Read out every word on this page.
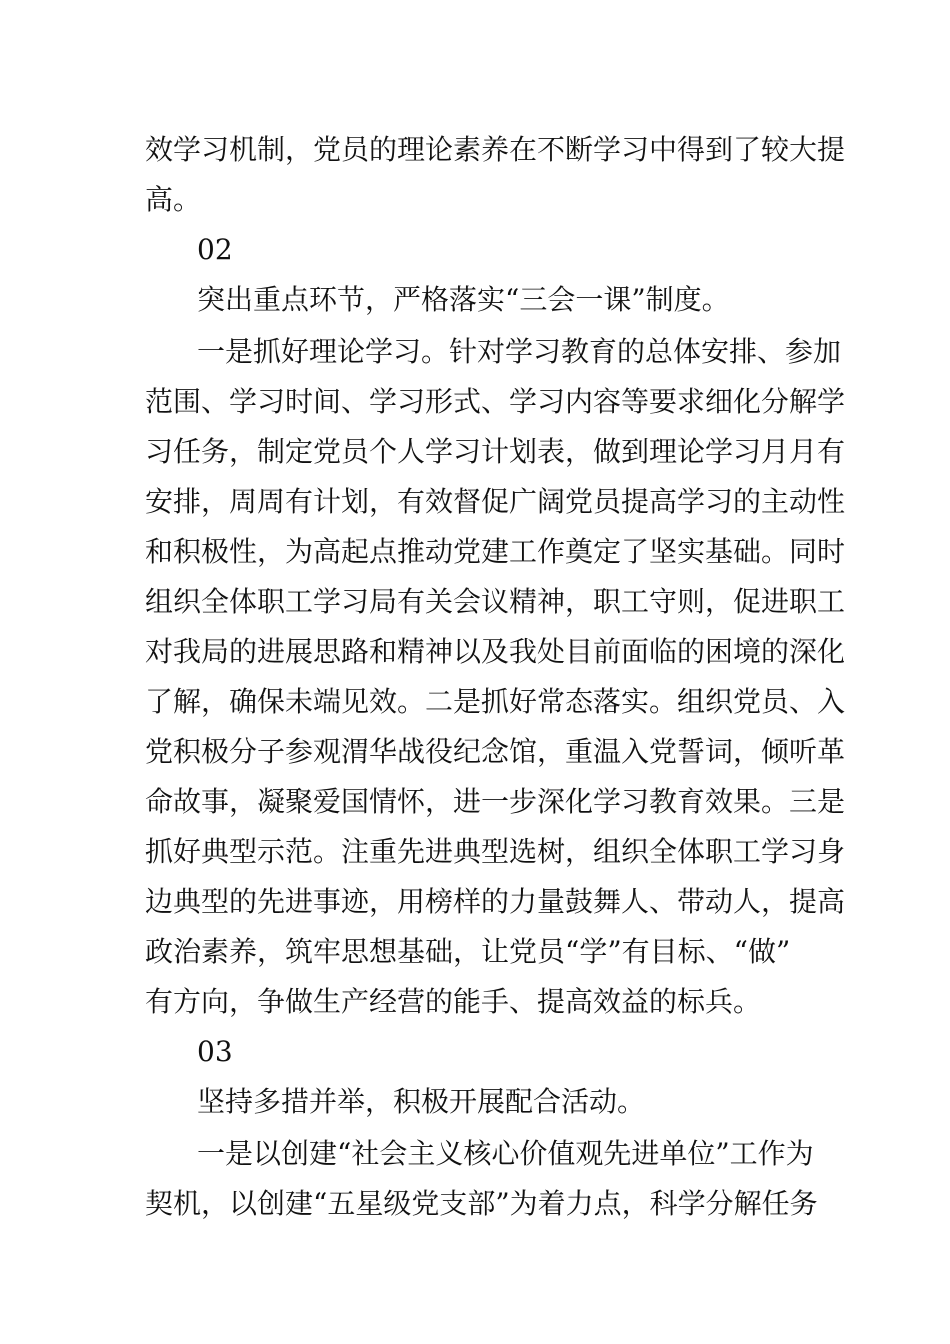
效学习机制，党员的理论素养在不断学习中得到了较大提
高。
02
突出重点环节，严格落实“三会一课”制度。
一是抓好理论学习。针对学习教育的总体安排、参加
范围、学习时间、学习形式、学习内容等要求细化分解学
习任务，制定党员个人学习计划表，做到理论学习月月有
安排，周周有计划，有效督促广阔党员提高学习的主动性
和积极性，为高起点推动党建工作奠定了坚实基础。同时
组织全体职工学习局有关会议精神，职工守则，促进职工
对我局的进展思路和精神以及我处目前面临的困境的深化
了解，确保未端见效。二是抓好常态落实。组织党员、入
党积极分子参观渭华战役纪念馆，重温入党誓词，倾听革
命故事，凝聚爱国情怀，进一步深化学习教育效果。三是
抓好典型示范。注重先进典型选树，组织全体职工学习身
边典型的先进事迹，用榜样的力量鼓舞人、带动人，提高
政治素养，筑牢思想基础，让党员“学”有目标、“做”
有方向，争做生产经营的能手、提高效益的标兵。
03
坚持多措并举，积极开展配合活动。
一是以创建“社会主义核心价值观先进单位”工作为
契机，以创建“五星级党支部”为着力点，科学分解任务
